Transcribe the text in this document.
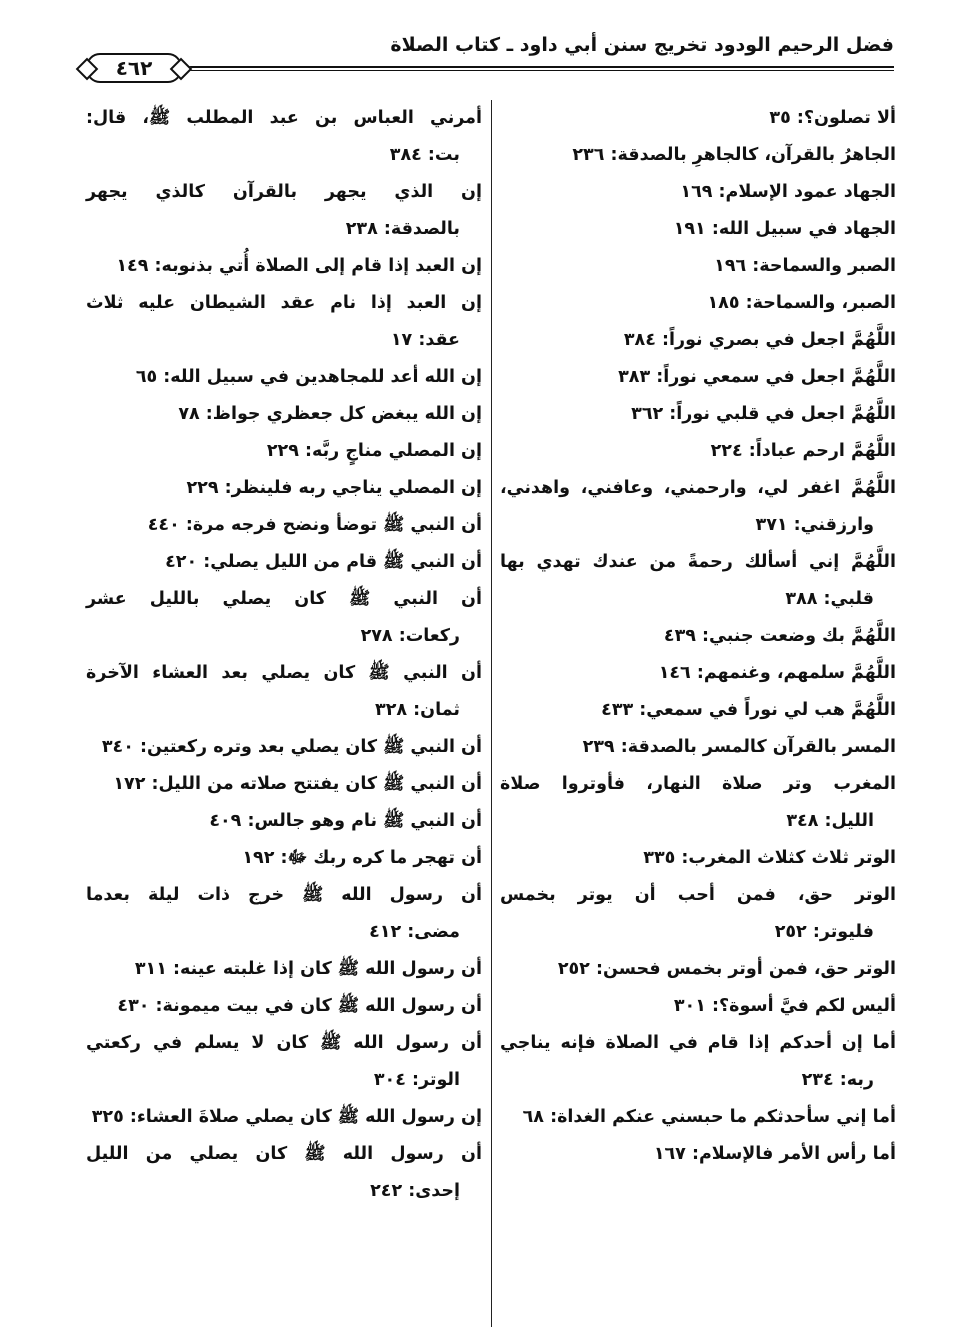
فضل الرحيم الودود تخريج سنن أبي داود ـ كتاب الصلاة
٤٦٢
ألا تصلون؟: ٣٥
الجاهرُ بالقرآن، كالجاهرِ بالصدقة: ٢٣٦
الجهاد عمود الإسلام: ١٦٩
الجهاد في سبيل الله: ١٩١
الصبر والسماحة: ١٩٦
الصبر، والسماحة: ١٨٥
اللَّهُمَّ اجعل في بصري نوراً: ٣٨٤
اللَّهُمَّ اجعل في سمعي نوراً: ٣٨٣
اللَّهُمَّ اجعل في قلبي نوراً: ٣٦٢
اللَّهُمَّ ارحم عباداً: ٢٢٤
اللَّهُمَّ اغفر لي، وارحمني، وعافني، واهدني،
وارزقني: ٣٧١
اللَّهُمَّ إني أسألك رحمةً من عندك تهدي بها
قلبي: ٣٨٨
اللَّهُمَّ بك وضعت جنبي: ٤٣٩
اللَّهُمَّ سلمهم، وغنمهم: ١٤٦
اللَّهُمَّ هب لي نوراً في سمعي: ٤٣٣
المسر بالقرآن كالمسر بالصدقة: ٢٣٩
المغرب وتر صلاة النهار، فأوتروا صلاة
الليل: ٣٤٨
الوتر ثلاث كثلاث المغرب: ٣٣٥
الوتر حق، فمن أحب أن يوتر بخمس
فليوتر: ٢٥٢
الوتر حق، فمن أوتر بخمس فحسن: ٢٥٢
أليس لكم فيَّ أسوة؟: ٣٠١
أما إن أحدكم إذا قام في الصلاة فإنه يناجي
ربه: ٢٣٤
أما إني سأحدثكم ما حبسني عنكم الغداة: ٦٨
أما رأس الأمر فالإسلام: ١٦٧
أمرني العباس بن عبد المطلب ﷺ، قال:
بت: ٣٨٤
إن الذي يجهر بالقرآن كالذي يجهر
بالصدقة: ٢٣٨
إن العبد إذا قام إلى الصلاة أُتي بذنوبه: ١٤٩
إن العبد إذا نام عقد الشيطان عليه ثلاث
عقد: ١٧
إن الله أعد للمجاهدين في سبيل الله: ٦٥
إن الله يبغض كل جعظري جواظ: ٧٨
إن المصلي مناجٍ ربَّه: ٢٢٩
إن المصلي يناجي ربه فلينظر: ٢٢٩
أن النبي ﷺ توضأ ونضح فرجه مرة: ٤٤٠
أن النبي ﷺ قام من الليل يصلي: ٤٢٠
أن النبي ﷺ كان يصلي بالليل عشر
ركعات: ٢٧٨
أن النبي ﷺ كان يصلي بعد العشاء الآخرة
ثمان: ٣٢٨
أن النبي ﷺ كان يصلي بعد وتره ركعتين: ٣٤٠
أن النبي ﷺ كان يفتتح صلاته من الليل: ١٧٢
أن النبي ﷺ نام وهو جالس: ٤٠٩
أن تهجر ما كره ربك ﷻ: ١٩٢
أن رسول الله ﷺ خرج ذات ليلة بعدما
مضى: ٤١٢
أن رسول الله ﷺ كان إذا غلبته عينه: ٣١١
أن رسول الله ﷺ كان في بيت ميمونة: ٤٣٠
أن رسول الله ﷺ كان لا يسلم في ركعتي
الوتر: ٣٠٤
إن رسول الله ﷺ كان يصلي صلاةَ العشاء: ٣٢٥
أن رسول الله ﷺ كان يصلي من الليل
إحدى: ٢٤٢
